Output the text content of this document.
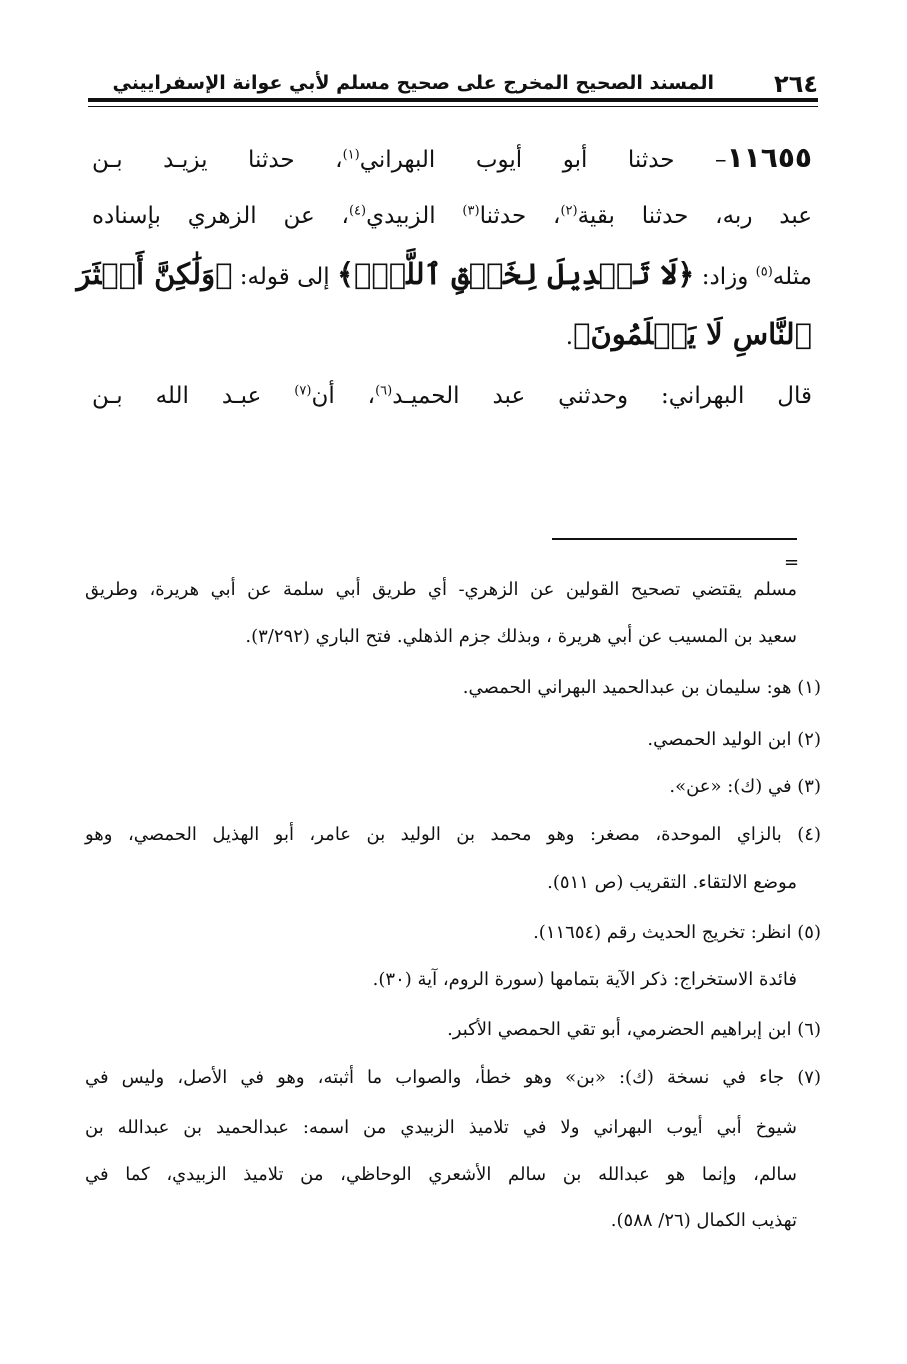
٢٦٤
المسند الصحيح المخرج على صحيح مسلم لأبي عوانة الإسفراييني
١١٦٥٥– حدثنا أبو أيوب البهراني$^{(١)}$، حدثنا يزيـد بـن
عبد ربه، حدثنا بقية$^{(٢)}$، حدثنا$^{(٣)}$ الزبيدي$^{(٤)}$، عن الزهري بإسناده
مثله$^{(٥)}$ وزاد: ﴿لَا تَبۡدِيلَ لِخَلۡقِ ٱللَّهِۚ﴾ إلى قوله: ﴿وَلَٰكِنَّ أَكۡثَرَ
ٱلنَّاسِ لَا يَعۡلَمُونَ﴾.
قال البهراني: وحدثني عبد الحميـد$^{(٦)}$، أن$^{(٧)}$ عبـد الله بـن
=
مسلم يقتضي تصحيح القولين عن الزهري- أي طريق أبي سلمة عن أبي هريرة، وطريق
سعيد بن المسيب عن أبي هريرة ، وبذلك جزم الذهلي. فتح الباري (٣/٢٩٢).
(١) هو: سليمان بن عبدالحميد البهراني الحمصي.
(٢) ابن الوليد الحمصي.
(٣) في (ك): «عن».
(٤) بالزاي الموحدة، مصغر: وهو محمد بن الوليد بن عامر، أبو الهذيل الحمصي، وهو
موضع الالتقاء. التقريب (ص ٥١١).
(٥) انظر: تخريج الحديث رقم (١١٦٥٤).
فائدة الاستخراج: ذكر الآية بتمامها (سورة الروم، آية (٣٠).
(٦) ابن إبراهيم الحضرمي، أبو تقي الحمصي الأكبر.
(٧) جاء في نسخة (ك): «بن» وهو خطأ، والصواب ما أثبته، وهو في الأصل، وليس في
شيوخ أبي أيوب البهراني ولا في تلاميذ الزبيدي من اسمه: عبدالحميد بن عبدالله بن
سالم، وإنما هو عبدالله بن سالم الأشعري الوحاظي، من تلاميذ الزبيدي، كما في
تهذيب الكمال (٢٦/ ٥٨٨).
